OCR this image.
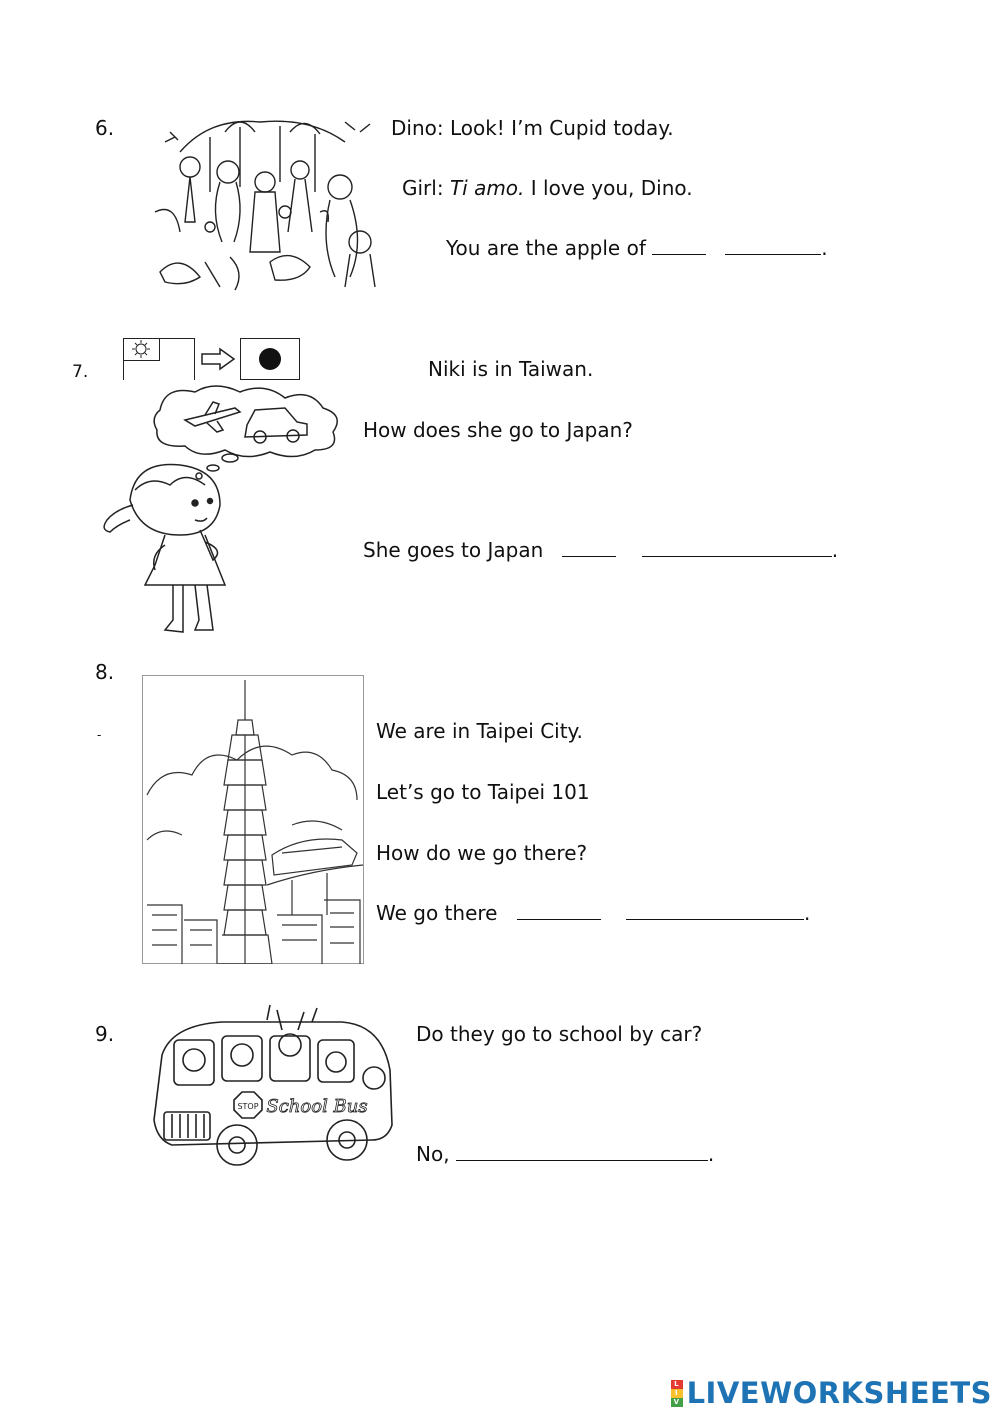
6.	Dino: Look! I’m Cupid today.
Girl: Ti amo. I love you, Dino.
You are the apple of	.
7.	Niki is in Taiwan.
How does she go to Japan?
She goes to Japan	.
8.
-	We are in Taipei City.
Let’s go to Taipei 101
How do we go there?
We go there	.
9.
STOP School Bus
Do they go to school by car?
No,	.
L
I
V LIVEWORKSHEETS
